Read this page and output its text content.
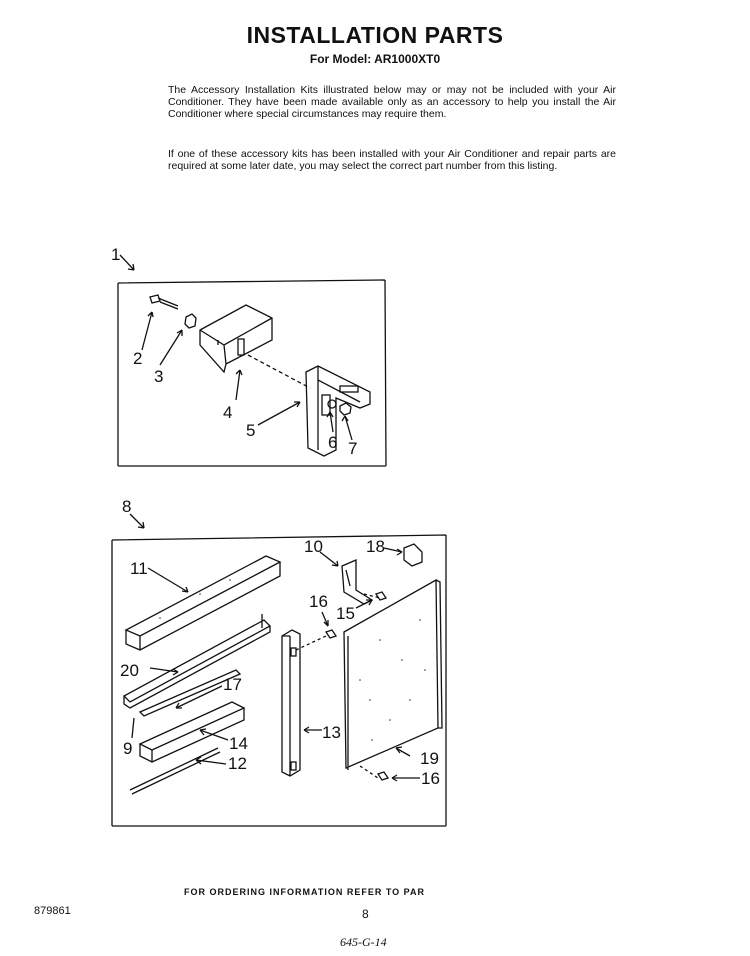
INSTALLATION PARTS
For Model: AR1000XT0
The Accessory Installation Kits illustrated below may or may not be included with your Air Conditioner. They have been made available only as an accessory to help you install the Air Conditioner where special circumstances may require them.
If one of these accessory kits has been installed with your Air Conditioner and repair parts are required at some later date, you may select the correct part number from this listing.
1
2
3
4
5
6 7
8
9
10
11
12
13
14
15
16
16
17
18
19
20
FOR ORDERING INFORMATION REFER TO PAR
8
879861
645-G-14
